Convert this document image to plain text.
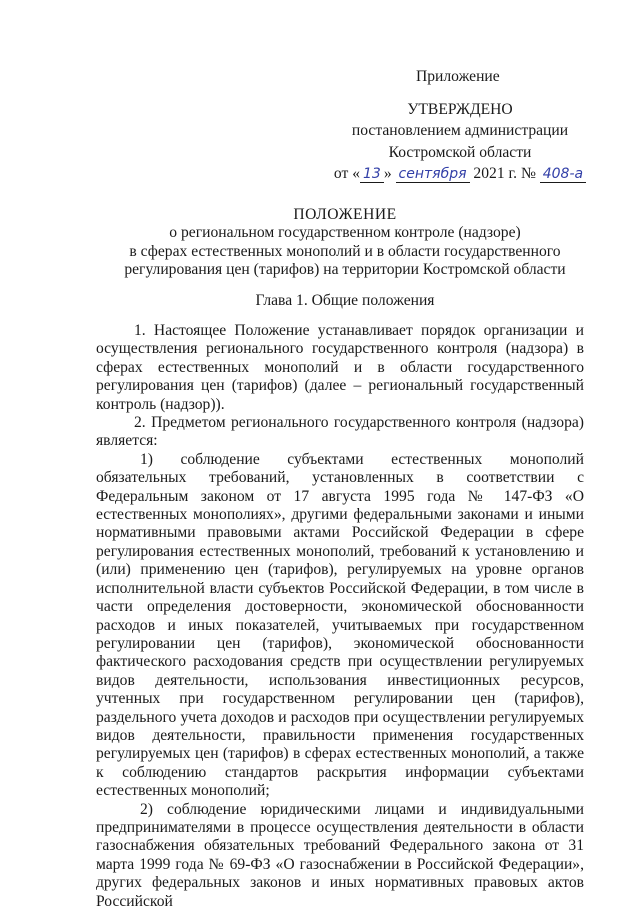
Приложение
УТВЕРЖДЕНО
постановлением администрации
Костромской области
от « 13 » сентября 2021 г. № 408-а
ПОЛОЖЕНИЕ
о региональном государственном контроле (надзоре)
в сферах естественных монополий и в области государственного
регулирования цен (тарифов) на территории Костромской области
Глава 1. Общие положения

1. Настоящее Положение устанавливает порядок организации и осуществления регионального государственного контроля (надзора) в сферах естественных монополий и в области государственного регулирования цен (тарифов) (далее – региональный государственный контроль (надзор)).

2. Предметом регионального государственного контроля (надзора) является:

1) соблюдение субъектами естественных монополий обязательных требований, установленных в соответствии с Федеральным законом от 17 августа 1995 года № 147-ФЗ «О естественных монополиях», другими федеральными законами и иными нормативными правовыми актами Российской Федерации в сфере регулирования естественных монополий, требований к установлению и (или) применению цен (тарифов), регулируемых на уровне органов исполнительной власти субъектов Российской Федерации, в том числе в части определения достоверности, экономической обоснованности расходов и иных показателей, учитываемых при государственном регулировании цен (тарифов), экономической обоснованности фактического расходования средств при осуществлении регулируемых видов деятельности, использования инвестиционных ресурсов, учтенных при государственном регулировании цен (тарифов), раздельного учета доходов и расходов при осуществлении регулируемых видов деятельности, правильности применения государственных регулируемых цен (тарифов) в сферах естественных монополий, а также к соблюдению стандартов раскрытия информации субъектами естественных монополий;

2) соблюдение юридическими лицами и индивидуальными предпринимателями в процессе осуществления деятельности в области газоснабжения обязательных требований Федерального закона от 31 марта 1999 года № 69-ФЗ «О газоснабжении в Российской Федерации», других федеральных законов и иных нормативных правовых актов Российской
